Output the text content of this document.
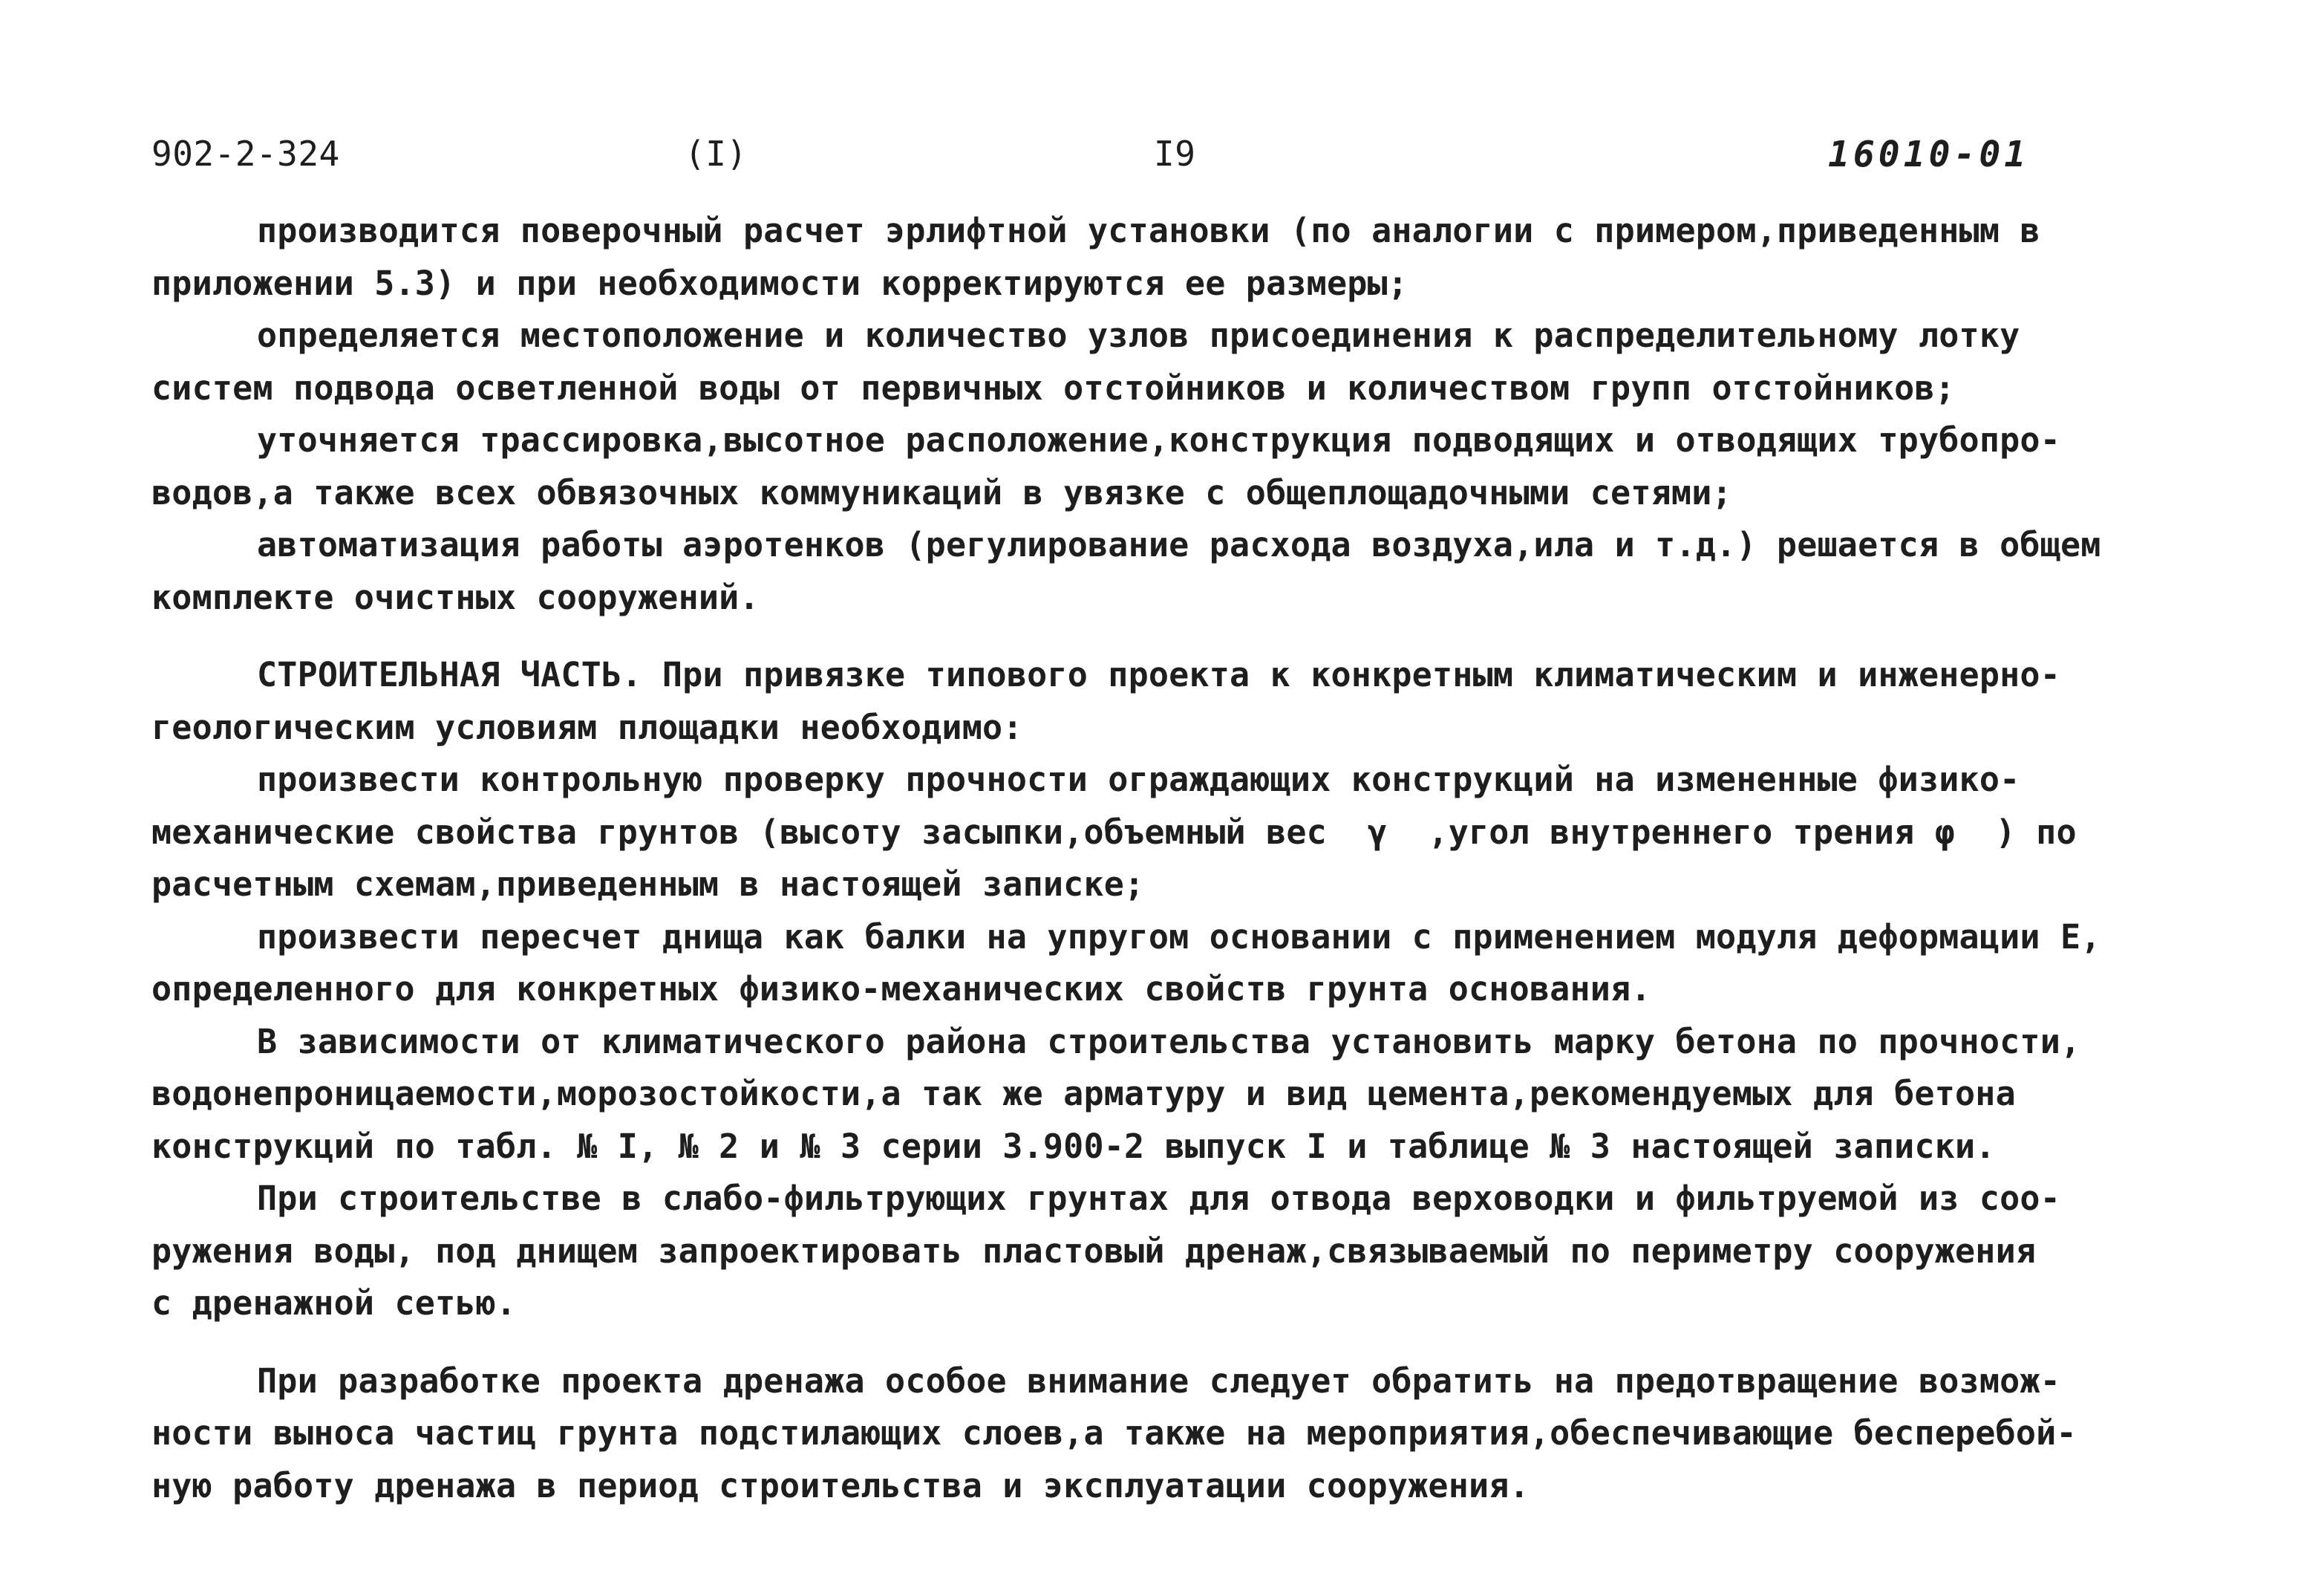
902-2-324	(I)	I9	16010-01
производится поверочный расчет эрлифтной установки (по аналогии с примером,приведенным в
приложении 5.3) и при необходимости корректируются ее размеры;
определяется местоположение и количество узлов присоединения к распределительному лотку
систем подвода осветленной воды от первичных отстойников и количеством групп отстойников;
уточняется трассировка,высотное расположение,конструкция подводящих и отводящих трубопро-
водов,а также всех обвязочных коммуникаций в увязке с общеплощадочными сетями;
автоматизация работы аэротенков (регулирование расхода воздуха,ила и т.д.) решается в общем
комплекте очистных сооружений.
СТРОИТЕЛЬНАЯ ЧАСТЬ. При привязке типового проекта к конкретным климатическим и инженерно-
геологическим условиям площадки необходимо:
произвести контрольную проверку прочности ограждающих конструкций на измененные физико-
механические свойства грунтов (высоту засыпки,объемный вес  γ  ,угол внутреннего трения φ  ) по
расчетным схемам,приведенным в настоящей записке;
произвести пересчет днища как балки на упругом основании с применением модуля деформации Е,
определенного для конкретных физико-механических свойств грунта основания.
В зависимости от климатического района строительства установить марку бетона по прочности,
водонепроницаемости,морозостойкости,а так же арматуру и вид цемента,рекомендуемых для бетона
конструкций по табл. № I, № 2 и № 3 серии 3.900-2 выпуск I и таблице № 3 настоящей записки.
При строительстве в слабо-фильтрующих грунтах для отвода верховодки и фильтруемой из соо-
ружения воды, под днищем запроектировать пластовый дренаж,связываемый по периметру сооружения
с дренажной сетью.
При разработке проекта дренажа особое внимание следует обратить на предотвращение возмож-
ности выноса частиц грунта подстилающих слоев,а также на мероприятия,обеспечивающие бесперебой-
ную работу дренажа в период строительства и эксплуатации сооружения.
